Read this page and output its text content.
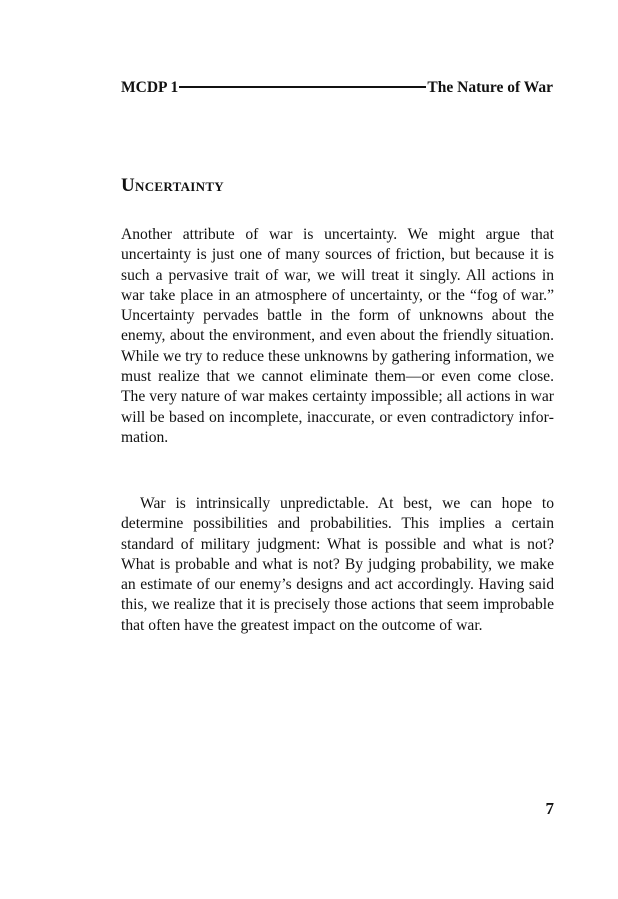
MCDP 1	The Nature of War
Uncertainty

Another attribute of war is uncertainty. We might argue that uncertainty is just one of many sources of friction, but because it is such a pervasive trait of war, we will treat it singly. All actions in war take place in an atmosphere of uncertainty, or the “fog of war.” Uncertainty pervades battle in the form of unknowns about the enemy, about the environment, and even about the friendly situation. While we try to reduce these unknowns by gathering information, we must realize that we cannot eliminate them—or even come close. The very nature of war makes certainty impossible; all actions in war will be based on incomplete, inaccurate, or even contradictory information.

War is intrinsically unpredictable. At best, we can hope to determine possibilities and probabilities. This implies a certain standard of military judgment: What is possible and what is not? What is probable and what is not? By judging probability, we make an estimate of our enemy’s designs and act accordingly. Having said this, we realize that it is precisely those actions that seem improbable that often have the greatest impact on the outcome of war.

7
